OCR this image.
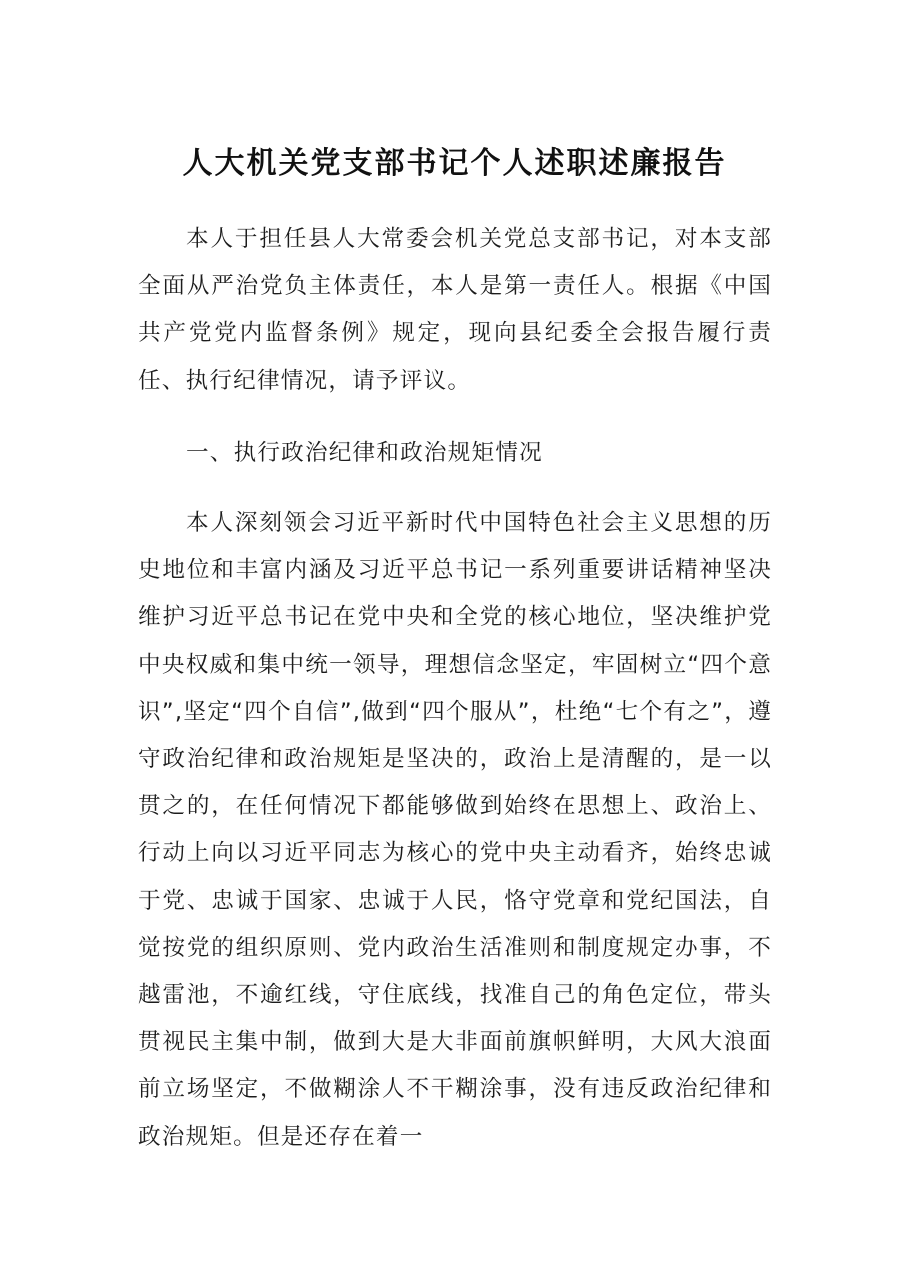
人大机关党支部书记个人述职述廉报告
本人于担任县人大常委会机关党总支部书记，对本支部全面从严治党负主体责任，本人是第一责任人。根据《中国共产党党内监督条例》规定，现向县纪委全会报告履行责任、执行纪律情况，请予评议。
一、执行政治纪律和政治规矩情况
本人深刻领会习近平新时代中国特色社会主义思想的历史地位和丰富内涵及习近平总书记一系列重要讲话精神坚决维护习近平总书记在党中央和全党的核心地位，坚决维护党中央权威和集中统一领导，理想信念坚定，牢固树立“四个意识”,坚定“四个自信”,做到“四个服从”，杜绝“七个有之”，遵守政治纪律和政治规矩是坚决的，政治上是清醒的，是一以贯之的，在任何情况下都能够做到始终在思想上、政治上、行动上向以习近平同志为核心的党中央主动看齐，始终忠诚于党、忠诚于国家、忠诚于人民，恪守党章和党纪国法，自觉按党的组织原则、党内政治生活准则和制度规定办事，不越雷池，不逾红线，守住底线，找准自己的角色定位，带头贯视民主集中制，做到大是大非面前旗帜鲜明，大风大浪面前立场坚定，不做糊涂人不干糊涂事，没有违反政治纪律和政治规矩。但是还存在着一
